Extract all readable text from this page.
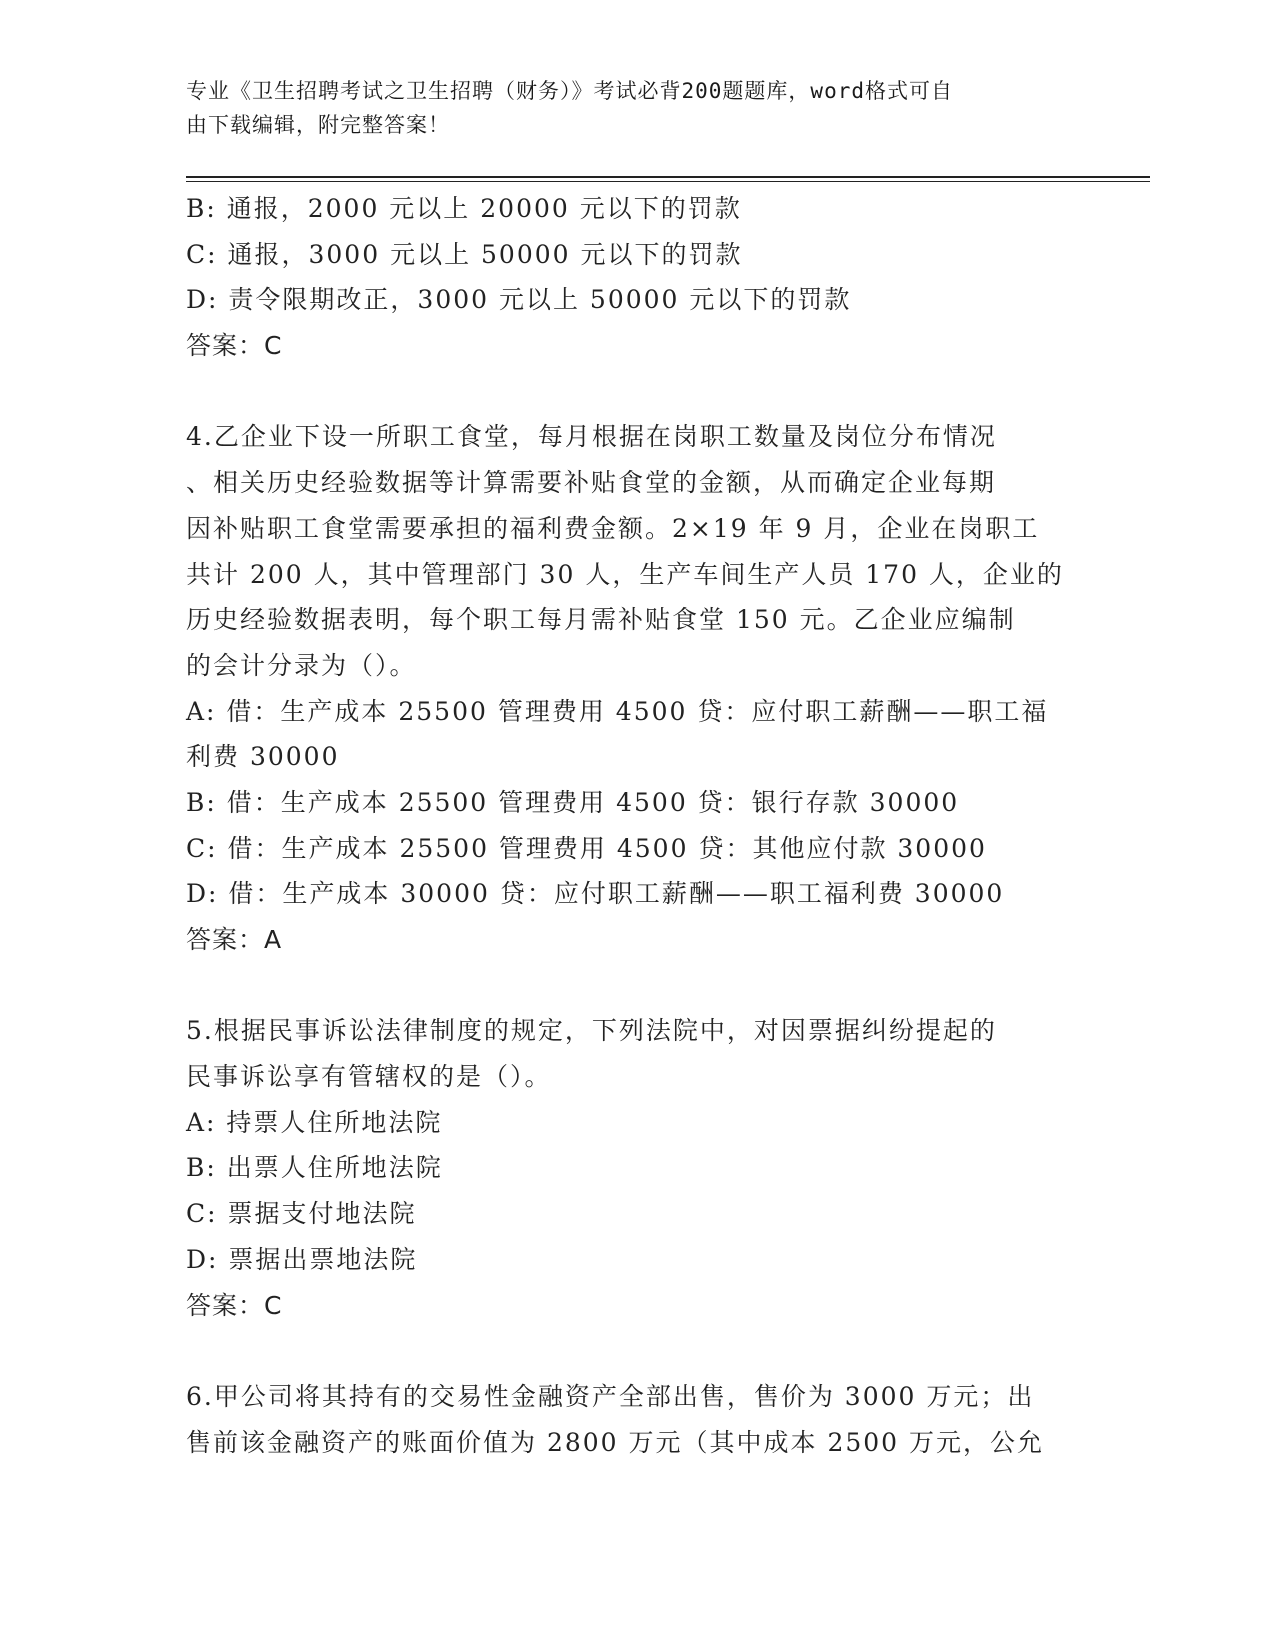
专业《卫生招聘考试之卫生招聘（财务）》考试必背200题题库，word格式可自
由下载编辑，附完整答案！
B: 通报，2000 元以上 20000 元以下的罚款
C: 通报，3000 元以上 50000 元以下的罚款
D: 责令限期改正，3000 元以上 50000 元以下的罚款
答案：C
4.乙企业下设一所职工食堂，每月根据在岗职工数量及岗位分布情况
、相关历史经验数据等计算需要补贴食堂的金额，从而确定企业每期
因补贴职工食堂需要承担的福利费金额。2×19 年 9 月，企业在岗职工
共计 200 人，其中管理部门 30 人，生产车间生产人员 170 人，企业的
历史经验数据表明，每个职工每月需补贴食堂 150 元。乙企业应编制
的会计分录为（）。
A: 借：生产成本 25500 管理费用 4500 贷：应付职工薪酬——职工福
利费 30000
B: 借：生产成本 25500 管理费用 4500 贷：银行存款 30000
C: 借：生产成本 25500 管理费用 4500 贷：其他应付款 30000
D: 借：生产成本 30000 贷：应付职工薪酬——职工福利费 30000
答案：A
5.根据民事诉讼法律制度的规定，下列法院中，对因票据纠纷提起的
民事诉讼享有管辖权的是（）。
A: 持票人住所地法院
B: 出票人住所地法院
C: 票据支付地法院
D: 票据出票地法院
答案：C
6.甲公司将其持有的交易性金融资产全部出售，售价为 3000 万元；出
售前该金融资产的账面价值为 2800 万元（其中成本 2500 万元，公允
